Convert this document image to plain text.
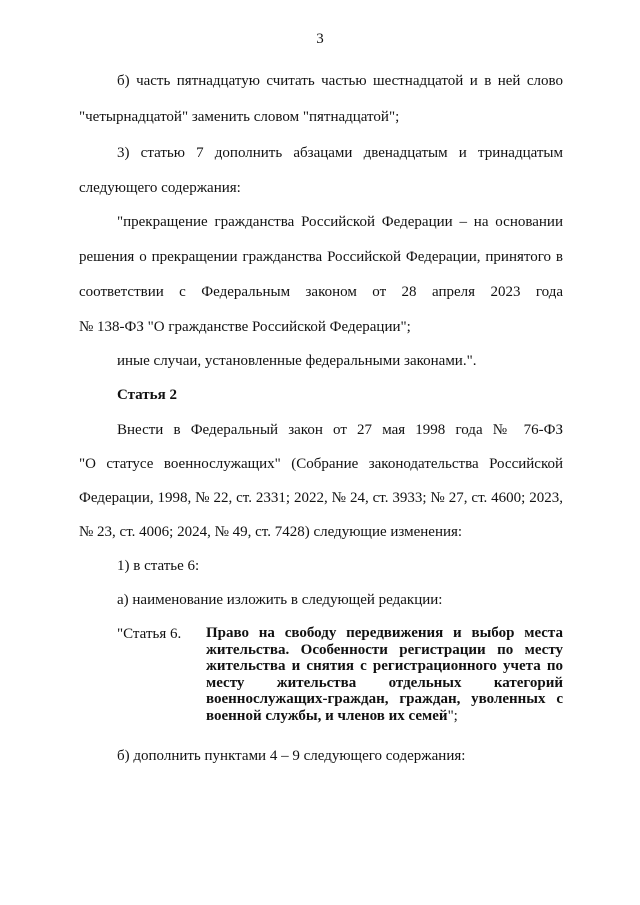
3
б) часть пятнадцатую считать частью шестнадцатой и в ней слово
"четырнадцатой" заменить словом "пятнадцатой";
3) статью 7 дополнить абзацами двенадцатым и тринадцатым
следующего содержания:
"прекращение гражданства Российской Федерации – на основании
решения о прекращении гражданства Российской Федерации, принятого в
соответствии с Федеральным законом от 28 апреля 2023 года
№ 138-ФЗ "О гражданстве Российской Федерации";
иные случаи, установленные федеральными законами.".
Статья 2
Внести в Федеральный закон от 27 мая 1998 года № 76-ФЗ
"О статусе военнослужащих" (Собрание законодательства Российской
Федерации, 1998, № 22, ст. 2331; 2022, № 24, ст. 3933; № 27, ст. 4600; 2023,
№ 23, ст. 4006; 2024, № 49, ст. 7428) следующие изменения:
1) в статье 6:
а) наименование изложить в следующей редакции:
"Статья 6. Право на свободу передвижения и выбор места
жительства. Особенности регистрации по месту
жительства и снятия с регистрационного учета по
месту жительства отдельных категорий
военнослужащих-граждан, граждан, уволенных с
военной службы, и членов их семей";
б) дополнить пунктами 4 – 9 следующего содержания:
